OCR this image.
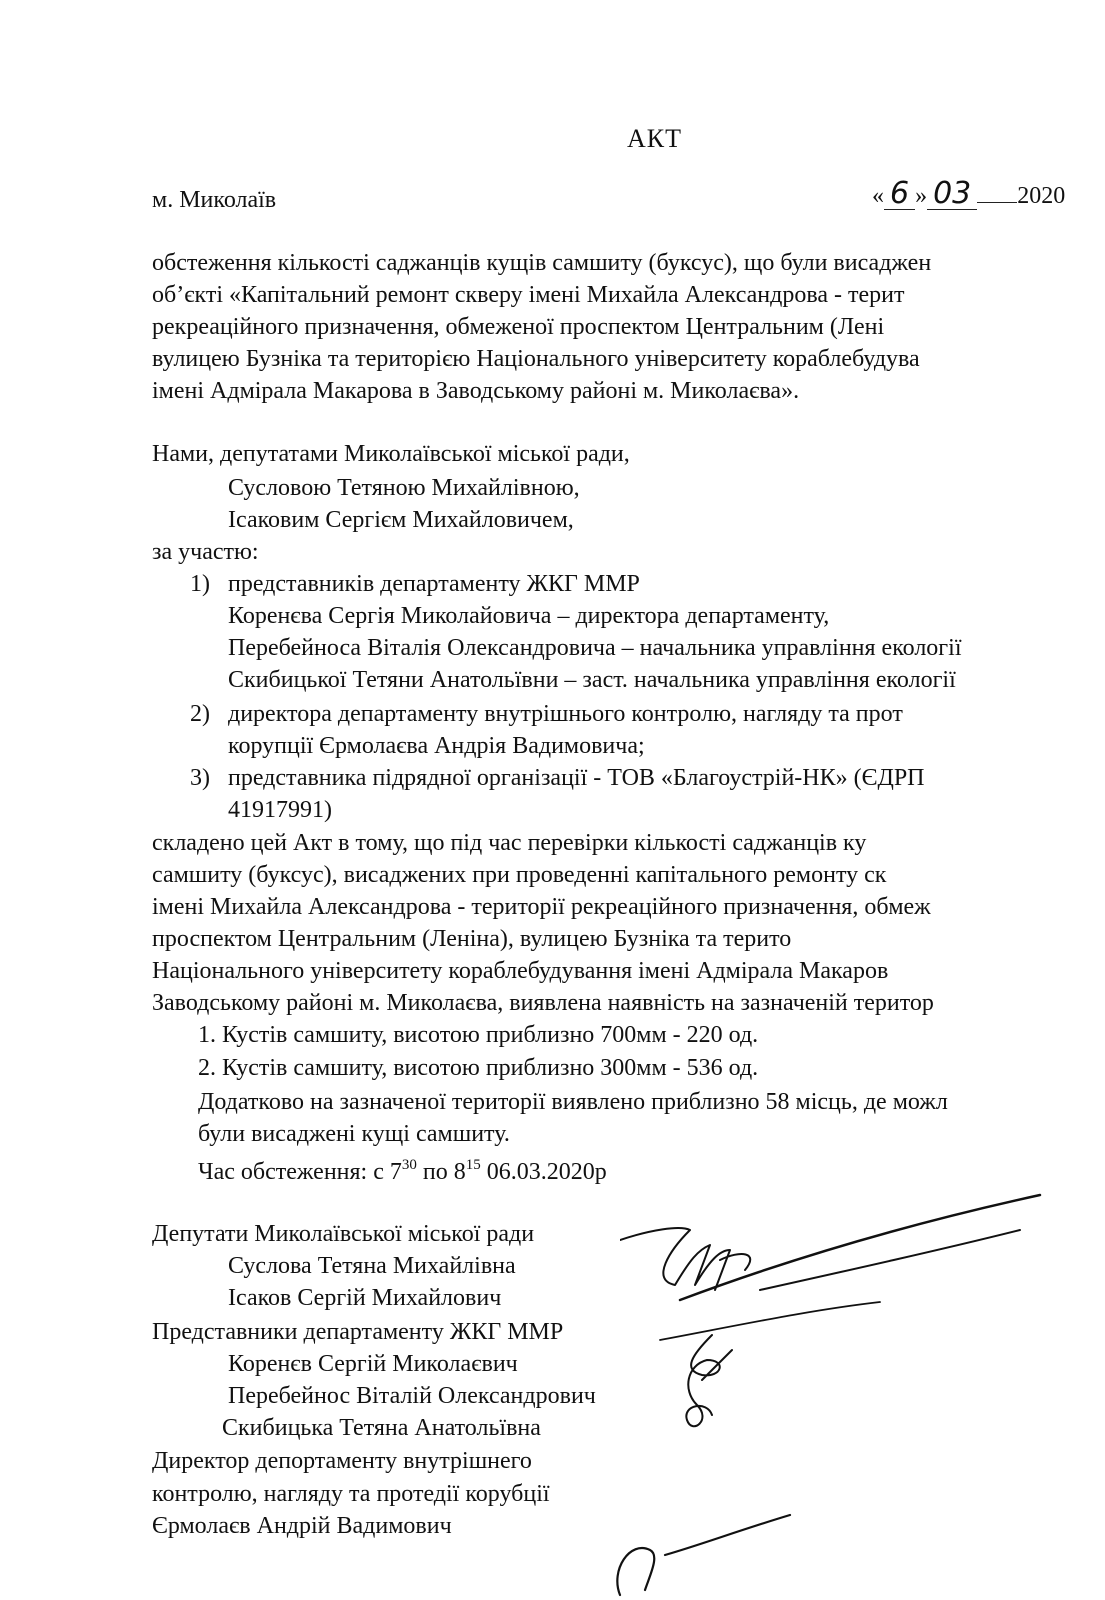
АКТ
м. Миколаїв	« 6 » 03 2020
обстеження кількості саджанців кущів самшиту (буксус), що були висаджен
об’єкті «Капітальний ремонт скверу імені Михайла Александрова - терит
рекреаційного призначення, обмеженої проспектом Центральним (Лені
вулицею Бузніка та територією Національного університету кораблебудува
імені Адмірала Макарова в Заводському районі м. Миколаєва».
Нами, депутатами Миколаївської міської ради,
Сусловою Тетяною Михайлівною,
Ісаковим Сергієм Михайловичем,
за участю:
1) представників департаменту ЖКГ ММР
Коренєва Сергія Миколайовича – директора департаменту,
Перебейноса Віталія Олександровича – начальника управління екології
Скибицької Тетяни Анатольївни – заст. начальника управління екології
2) директора департаменту внутрішнього контролю, нагляду та прот
корупції Єрмолаєва Андрія Вадимовича;
3) представника підрядної організації - ТОВ «Благоустрій-НК» (ЄДРП
41917991)
складено цей Акт в тому, що під час перевірки кількості саджанців ку
самшиту (буксус), висаджених при проведенні капітального ремонту ск
імені Михайла Александрова - території рекреаційного призначення, обмеж
проспектом Центральним (Леніна), вулицею Бузніка та терито
Національного університету кораблебудування імені Адмірала Макаров
Заводському районі м. Миколаєва, виявлена наявність на зазначеній територ
1. Кустів самшиту, висотою приблизно 700мм - 220 од.
2. Кустів самшиту, висотою приблизно 300мм - 536 од.
Додатково на зазначеної території виявлено приблизно 58 місць, де можл
були висаджені кущі самшиту.
Час обстеження: с $7^{30}$ по $8^{15}$ 06.03.2020р
Депутати Миколаївської міської ради
Суслова Тетяна Михайлівна
Ісаков Сергій Михайлович
Представники департаменту ЖКГ ММР
Коренєв Сергій Миколаєвич
Перебейнос Віталій Олександрович
Скибицька Тетяна Анатольївна
Директор депортаменту внутрішнего
контролю, нагляду та протедії корубції
Єрмолаєв Андрій Вадимович
